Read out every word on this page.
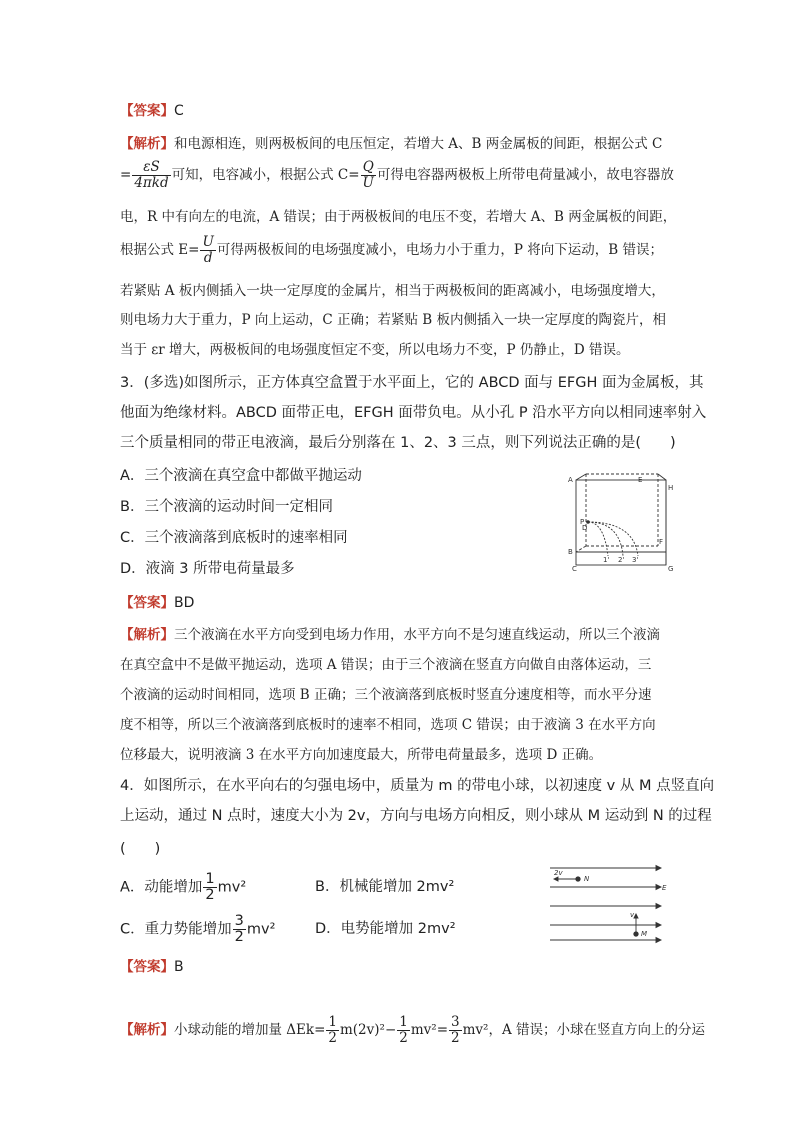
【答案】C
【解析】和电源相连，则两极板间的电压恒定，若增大 A、B 两金属板的间距，根据公式 C
= $\frac{\varepsilon S}{\text{4πkd}}$ 可知，电容减小，根据公式 $C= \frac{Q}{U}$ 可得电容器两极板上所带电荷量减小，故电容器放
电，R 中有向左的电流，A 错误；由于两极板间的电压不变，若增大 A、B 两金属板的间距，
根据公式 $E= \frac{U}{d}$ 可得两极板间的电场强度减小，电场力小于重力，P 将向下运动，B 错误；
若紧贴 A 板内侧插入一块一定厚度的金属片，相当于两极板间的距离减小，电场强度增大，
则电场力大于重力，P 向上运动，C 正确；若紧贴 B 板内侧插入一块一定厚度的陶瓷片，相
当于 εr 增大，两极板间的电场强度恒定不变，所以电场力不变，P 仍静止，D 错误。
3．(多选)如图所示，正方体真空盒置于水平面上，它的 ABCD 面与 EFGH 面为金属板，其
他面为绝缘材料。ABCD 面带正电，EFGH 面带负电。从小孔 P 沿水平方向以相同速率射入
三个质量相同的带正电液滴，最后分别落在 1、2、3 三点，则下列说法正确的是(　　)
A．三个液滴在真空盒中都做平抛运动
B．三个液滴的运动时间一定相同
C．三个液滴落到底板时的速率相同
D．液滴 3 所带电荷量最多
A
B
C
D
E
F
G
H
P
1' 2' 3'
【答案】BD
【解析】三个液滴在水平方向受到电场力作用，水平方向不是匀速直线运动，所以三个液滴
在真空盒中不是做平抛运动，选项 A 错误；由于三个液滴在竖直方向做自由落体运动，三
个液滴的运动时间相同，选项 B 正确；三个液滴落到底板时竖直分速度相等，而水平分速
度不相等，所以三个液滴落到底板时的速率不相同，选项 C 错误；由于液滴 3 在水平方向
位移最大，说明液滴 3 在水平方向加速度最大，所带电荷量最多，选项 D 正确。
4．如图所示，在水平向右的匀强电场中，质量为 m 的带电小球，以初速度 v 从 M 点竖直向
上运动，通过 N 点时，速度大小为 2v，方向与电场方向相反，则小球从 M 运动到 N 的过程
(　　)
A．动能增加 $\frac{1}{2} mv^2$	B．机械能增加 2mv²
C．重力势能增加 $\frac{3}{2} mv^2$	D．电势能增加 2mv²
2v
N
E
v
M
【答案】B
【解析】小球动能的增加量 $\Delta Ek= \frac{1}{2} m(2v)^2- \frac{1}{2} mv^2= \frac{3}{2} mv^2$，A 错误；小球在竖直方向上的分运
